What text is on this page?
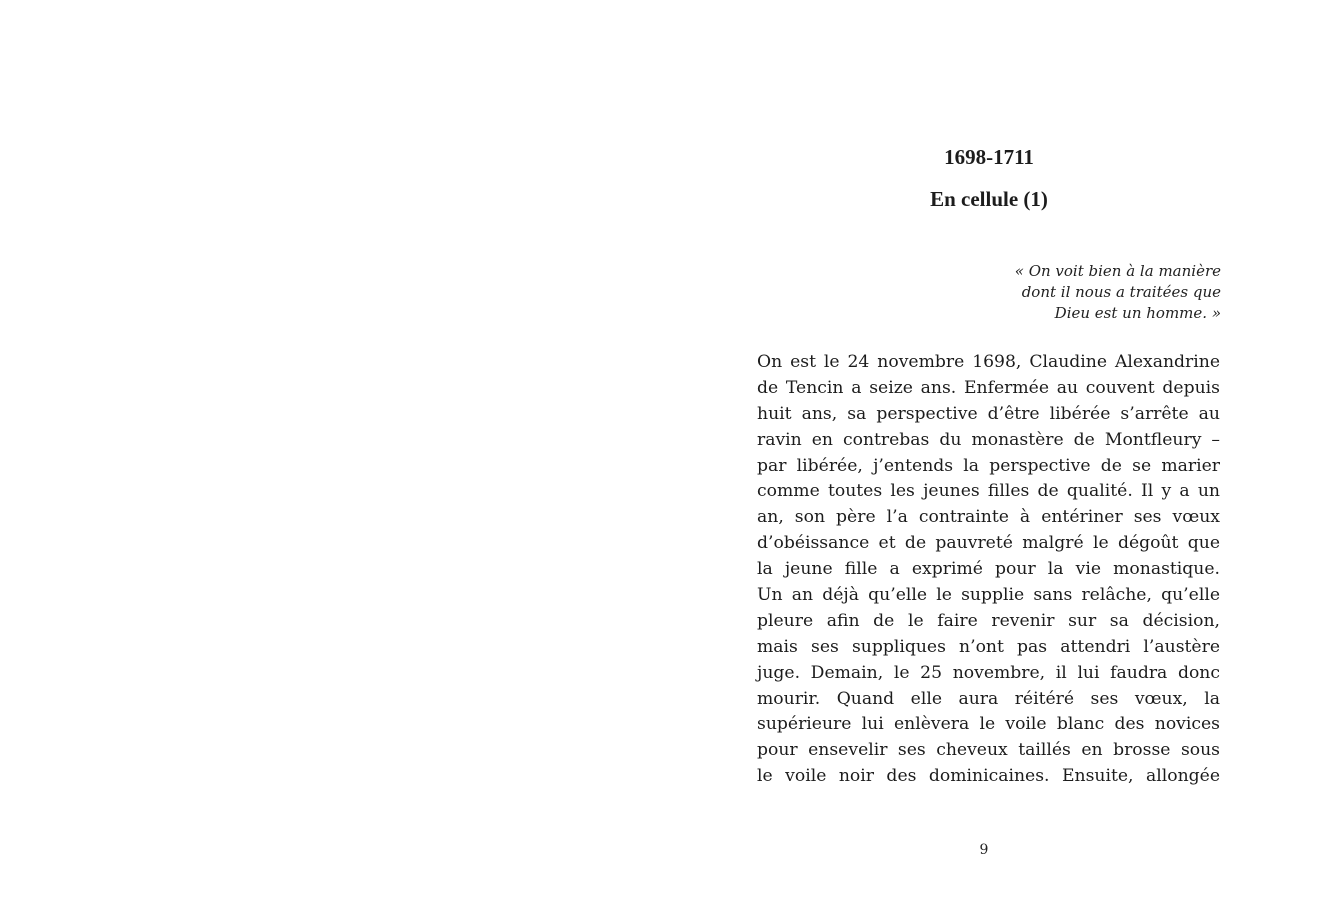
1698-1711
En cellule (1)
« On voit bien à la manière
dont il nous a traitées que
Dieu est un homme. »
On est le 24 novembre 1698, Claudine Alexandrine
de Tencin a seize ans. Enfermée au couvent depuis
huit ans, sa perspective d’être libérée s’arrête au
ravin en contrebas du monastère de Montfleury –
par libérée, j’entends la perspective de se marier
comme toutes les jeunes filles de qualité. Il y a un
an, son père l’a contrainte à entériner ses vœux
d’obéissance et de pauvreté malgré le dégoût que
la jeune fille a exprimé pour la vie monastique.
Un an déjà qu’elle le supplie sans relâche, qu’elle
pleure afin de le faire revenir sur sa décision,
mais ses suppliques n’ont pas attendri l’austère
juge. Demain, le 25 novembre, il lui faudra donc
mourir. Quand elle aura réitéré ses vœux, la
supérieure lui enlèvera le voile blanc des novices
pour ensevelir ses cheveux taillés en brosse sous
le voile noir des dominicaines. Ensuite, allongée
9
